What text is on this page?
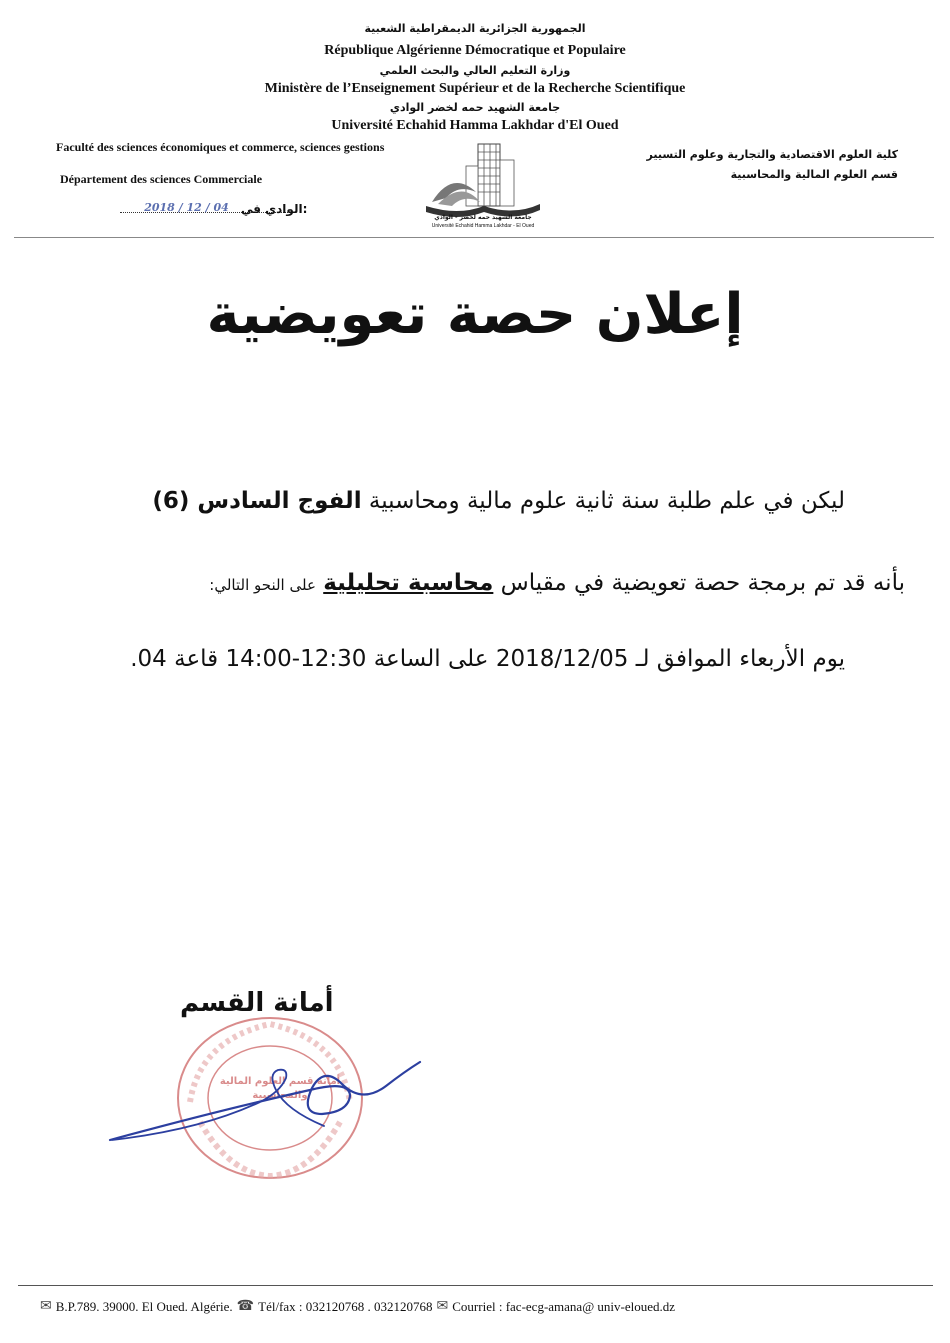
الجمهورية الجزائرية الديمقراطية الشعبية
République Algérienne Démocratique et Populaire
وزارة التعليم العالي والبحث العلمي
Ministère de l’Enseignement Supérieur et de la Recherche Scientifique
جامعة الشهيد حمه لخضر الوادي
Université Echahid Hamma Lakhdar d'El Oued
Faculté des sciences économiques et commerce, sciences gestions
Département des sciences Commerciale
كلية العلوم الاقتصادية والتجارية وعلوم التسيير
قسم العلوم المالية والمحاسبية
2018 / 12 / 04 الوادي في:
جامعة الشهيد حمه لخضر - الوادي
Université Echahid Hamma Lakhdar - El Oued
إعلان حصة تعويضية
ليكن في علم طلبة سنة ثانية علوم مالية ومحاسبية الفوج السادس (6)
بأنه قد تم برمجة حصة تعويضية في مقياس محاسبة تحليلية على النحو التالي:
يوم الأربعاء الموافق لـ 2018/12/05 على الساعة 12:30-14:00 قاعة 04.
أمانة القسم
أمانة قسم العلوم المالية والمحاسبية
✉ B.P.789. 39000. El Oued. Algérie. ☎ Tél/fax : 032120768 . 032120768 ✉ Courriel : fac-ecg-amana@ univ-eloued.dz
